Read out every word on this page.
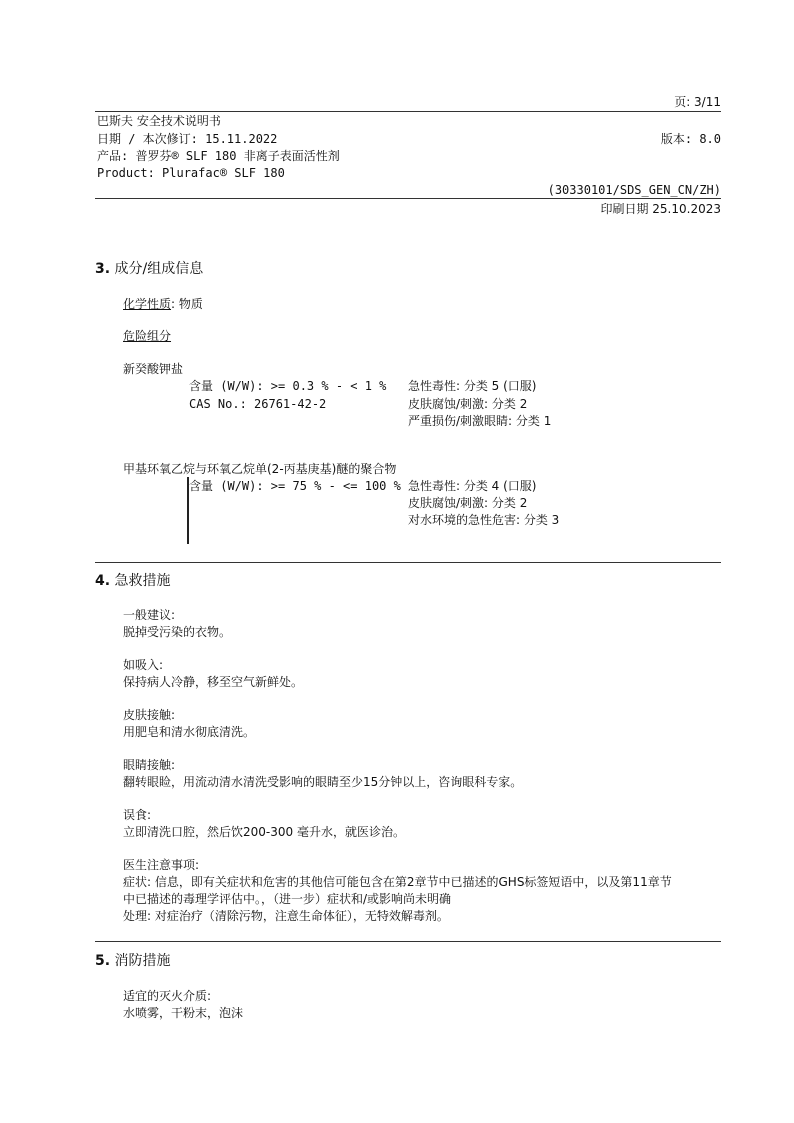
页: 3/11
巴斯夫 安全技术说明书
日期 / 本次修订: 15.11.2022	版本: 8.0
产品: 普罗芬® SLF 180 非离子表面活性剂
Product: Plurafac® SLF 180
(30330101/SDS_GEN_CN/ZH)
印刷日期 25.10.2023
3. 成分/组成信息
化学性质: 物质
危险组分
新癸酸钾盐
含量 (W/W): >= 0.3 % - < 1 %
CAS No.: 26761-42-2
急性毒性: 分类 5 (口服)
皮肤腐蚀/刺激: 分类 2
严重损伤/刺激眼睛: 分类 1
甲基环氧乙烷与环氧乙烷单(2-丙基庚基)醚的聚合物
含量 (W/W): >= 75 % - <= 100 % 急性毒性: 分类 4 (口服)
皮肤腐蚀/刺激: 分类 2
对水环境的急性危害: 分类 3
4. 急救措施
一般建议:
脱掉受污染的衣物。
如吸入:
保持病人冷静，移至空气新鲜处。
皮肤接触:
用肥皂和清水彻底清洗。
眼睛接触:
翻转眼睑，用流动清水清洗受影响的眼睛至少15分钟以上，咨询眼科专家。
误食:
立即清洗口腔，然后饮200-300 毫升水，就医诊治。
医生注意事项:
症状: 信息，即有关症状和危害的其他信可能包含在第2章节中已描述的GHS标签短语中，以及第11章节
中已描述的毒理学评估中。，（进一步）症状和/或影响尚未明确
处理: 对症治疗（清除污物，注意生命体征），无特效解毒剂。
5. 消防措施
适宜的灭火介质:
水喷雾，干粉末，泡沫
